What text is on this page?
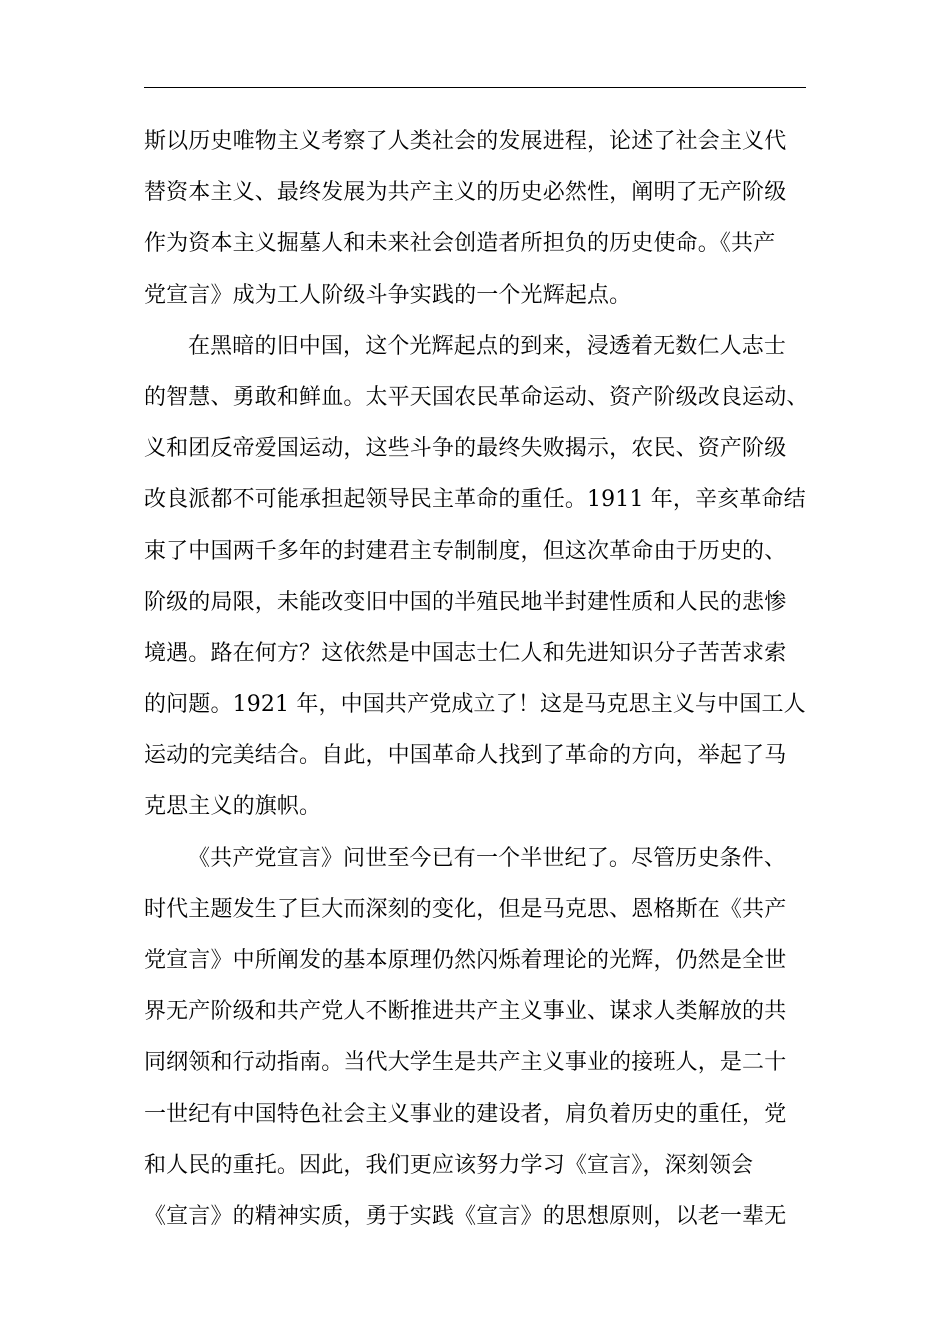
斯以历史唯物主义考察了人类社会的发展进程，论述了社会主义代
替资本主义、最终发展为共产主义的历史必然性，阐明了无产阶级
作为资本主义掘墓人和未来社会创造者所担负的历史使命。《共产
党宣言》成为工人阶级斗争实践的一个光辉起点。
在黑暗的旧中国，这个光辉起点的到来，浸透着无数仁人志士
的智慧、勇敢和鲜血。太平天国农民革命运动、资产阶级改良运动、
义和团反帝爱国运动，这些斗争的最终失败揭示，农民、资产阶级
改良派都不可能承担起领导民主革命的重任。1911 年，辛亥革命结
束了中国两千多年的封建君主专制制度，但这次革命由于历史的、
阶级的局限，未能改变旧中国的半殖民地半封建性质和人民的悲惨
境遇。路在何方？这依然是中国志士仁人和先进知识分子苦苦求索
的问题。1921 年，中国共产党成立了！这是马克思主义与中国工人
运动的完美结合。自此，中国革命人找到了革命的方向，举起了马
克思主义的旗帜。
《共产党宣言》问世至今已有一个半世纪了。尽管历史条件、
时代主题发生了巨大而深刻的变化，但是马克思、恩格斯在《共产
党宣言》中所阐发的基本原理仍然闪烁着理论的光辉，仍然是全世
界无产阶级和共产党人不断推进共产主义事业、谋求人类解放的共
同纲领和行动指南。当代大学生是共产主义事业的接班人，是二十
一世纪有中国特色社会主义事业的建设者，肩负着历史的重任，党
和人民的重托。因此，我们更应该努力学习《宣言》，深刻领会
《宣言》的精神实质，勇于实践《宣言》的思想原则，以老一辈无
